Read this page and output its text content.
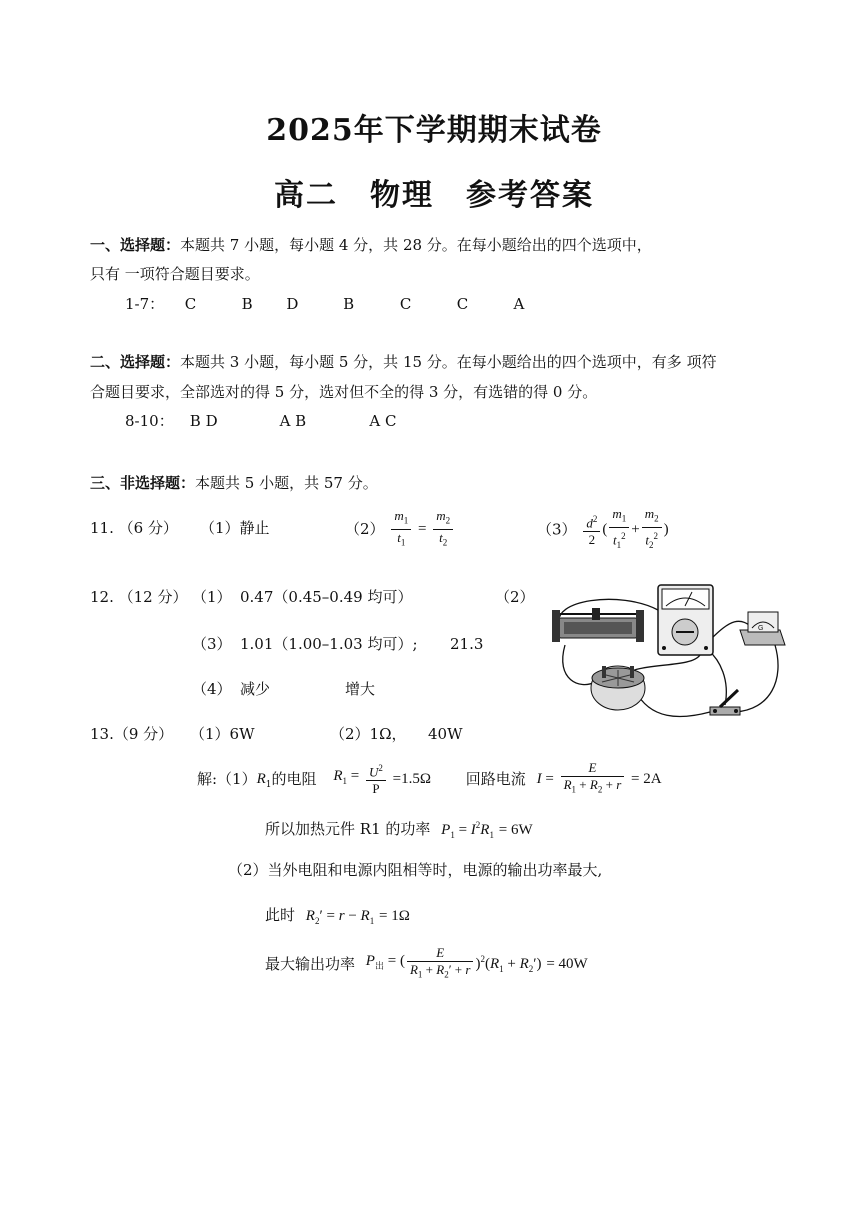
2025年下学期期末试卷
高二　物理　参考答案
一、选择题：本题共 7 小题，每小题 4 分，共 28 分。在每小题给出的四个选项中，
只有 一项符合题目要求。
1-7： C	B D	B	C	C	A
二、选择题：本题共 3 小题，每小题 5 分，共 15 分。在每小题给出的四个选项中，有多 项符
合题目要求，全部选对的得 5 分，选对但不全的得 3 分，有选错的得 0 分。
8-10： B D	A B	A C
三、非选择题：本题共 5 小题，共 57 分。
11. （6 分） （1）静止	$(2) \frac{m_1}{t_1} = \frac{m_2}{t_2}$	$(3) \frac{d^2}{2}$ ( $\frac{m_1}{t_1^2} + \frac{m_2}{t_2^2}$ )
12. （12 分） （1） 0.47（0.45–0.49 均可）	（2）
（3） 1.01（1.00–1.03 均可）; 21.3
（4） 减少	增大
G
13.（9 分） （1）6W	（2）1Ω， 40W
解$:(1)R_1$的电阻 $R_1 = \frac{U^2}{P} =1.5\Omega$ 回路电流 $I = \frac{E}{R_1 + R_2 + r} = 2A$
所以加热元件 R1 的功率 $P_1 = I^2R_1 = 6W$
（2）当外电阻和电源内阻相等时，电源的输出功率最大,
此时 $R_2' = r - R_1 = 1\Omega$
最大输出功率 $P_出$ = ( $\frac{E}{R_1 + R_2' + r} )^2(R_1 + R_2') = 40W$
